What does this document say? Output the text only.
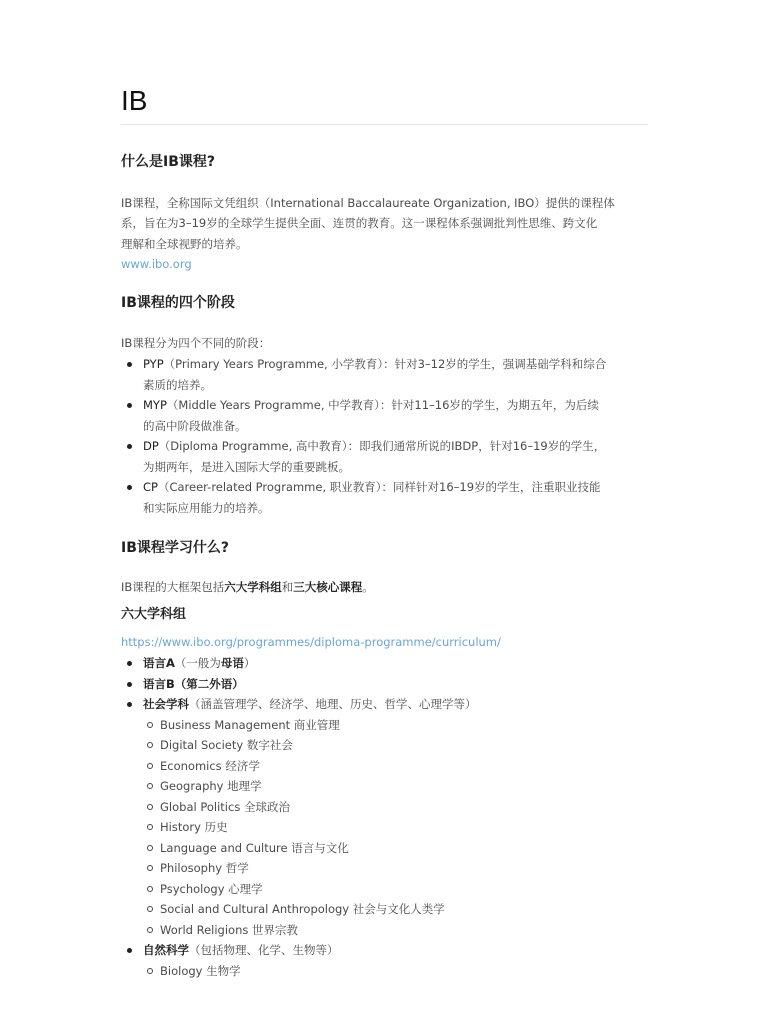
IB
什么是IB课程?

IB课程，全称国际文凭组织（International Baccalaureate Organization, IBO）提供的课程体
系，旨在为3–19岁的全球学生提供全面、连贯的教育。这一课程体系强调批判性思维、跨文化
理解和全球视野的培养。
www.ibo.org

IB课程的四个阶段

IB课程分为四个不同的阶段：

PYP（Primary Years Programme, 小学教育）：针对3–12岁的学生，强调基础学科和综合
素质的培养。
MYP（Middle Years Programme, 中学教育）：针对11–16岁的学生，为期五年，为后续
的高中阶段做准备。
DP（Diploma Programme, 高中教育）：即我们通常所说的IBDP，针对16–19岁的学生，
为期两年，是进入国际大学的重要跳板。
CP（Career-related Programme, 职业教育）：同样针对16–19岁的学生，注重职业技能
和实际应用能力的培养。
IB课程学习什么?

IB课程的大框架包括六大学科组和三大核心课程。

六大学科组

https://www.ibo.org/programmes/diploma-programme/curriculum/

语言A（一般为母语）
语言B（第二外语）
社会学科（涵盖管理学、经济学、地理、历史、哲学、心理学等）
Business Management 商业管理
Digital Society 数字社会
Economics 经济学
Geography 地理学
Global Politics 全球政治
History 历史
Language and Culture 语言与文化
Philosophy 哲学
Psychology 心理学
Social and Cultural Anthropology 社会与文化人类学
World Religions 世界宗教
自然科学（包括物理、化学、生物等）
Biology 生物学
